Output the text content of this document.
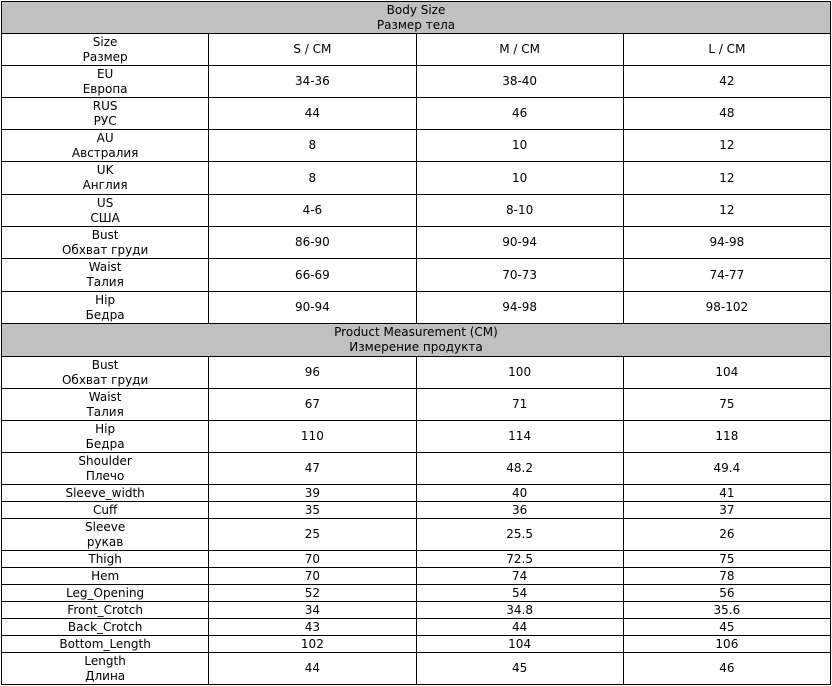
Body Size
Размер тела			

Size
Размер	S / CM	M / CM	L / CM

EU
Европа	34-36	38-40	42

RUS
РУС	44	46	48

AU
Австралия	8	10	12

UK
Англия	8	10	12

US
США	4-6	8-10	12

Bust
Обхват груди	86-90	90-94	94-98

Waist
Талия	66-69	70-73	74-77

Hip
Бедра	90-94	94-98	98-102

Product Measurement (CM)
Измерение продукта			

Bust
Обхват груди	96	100	104

Waist
Талия	67	71	75

Hip
Бедра	110	114	118

Shoulder
Плечо	47	48.2	49.4

Sleeve_width	39	40	41

Cuff	35	36	37

Sleeve
рукав	25	25.5	26

Thigh	70	72.5	75

Hem	70	74	78

Leg_Opening	52	54	56

Front_Crotch	34	34.8	35.6

Back_Crotch	43	44	45

Bottom_Length	102	104	106

Length
Длина	44	45	46
